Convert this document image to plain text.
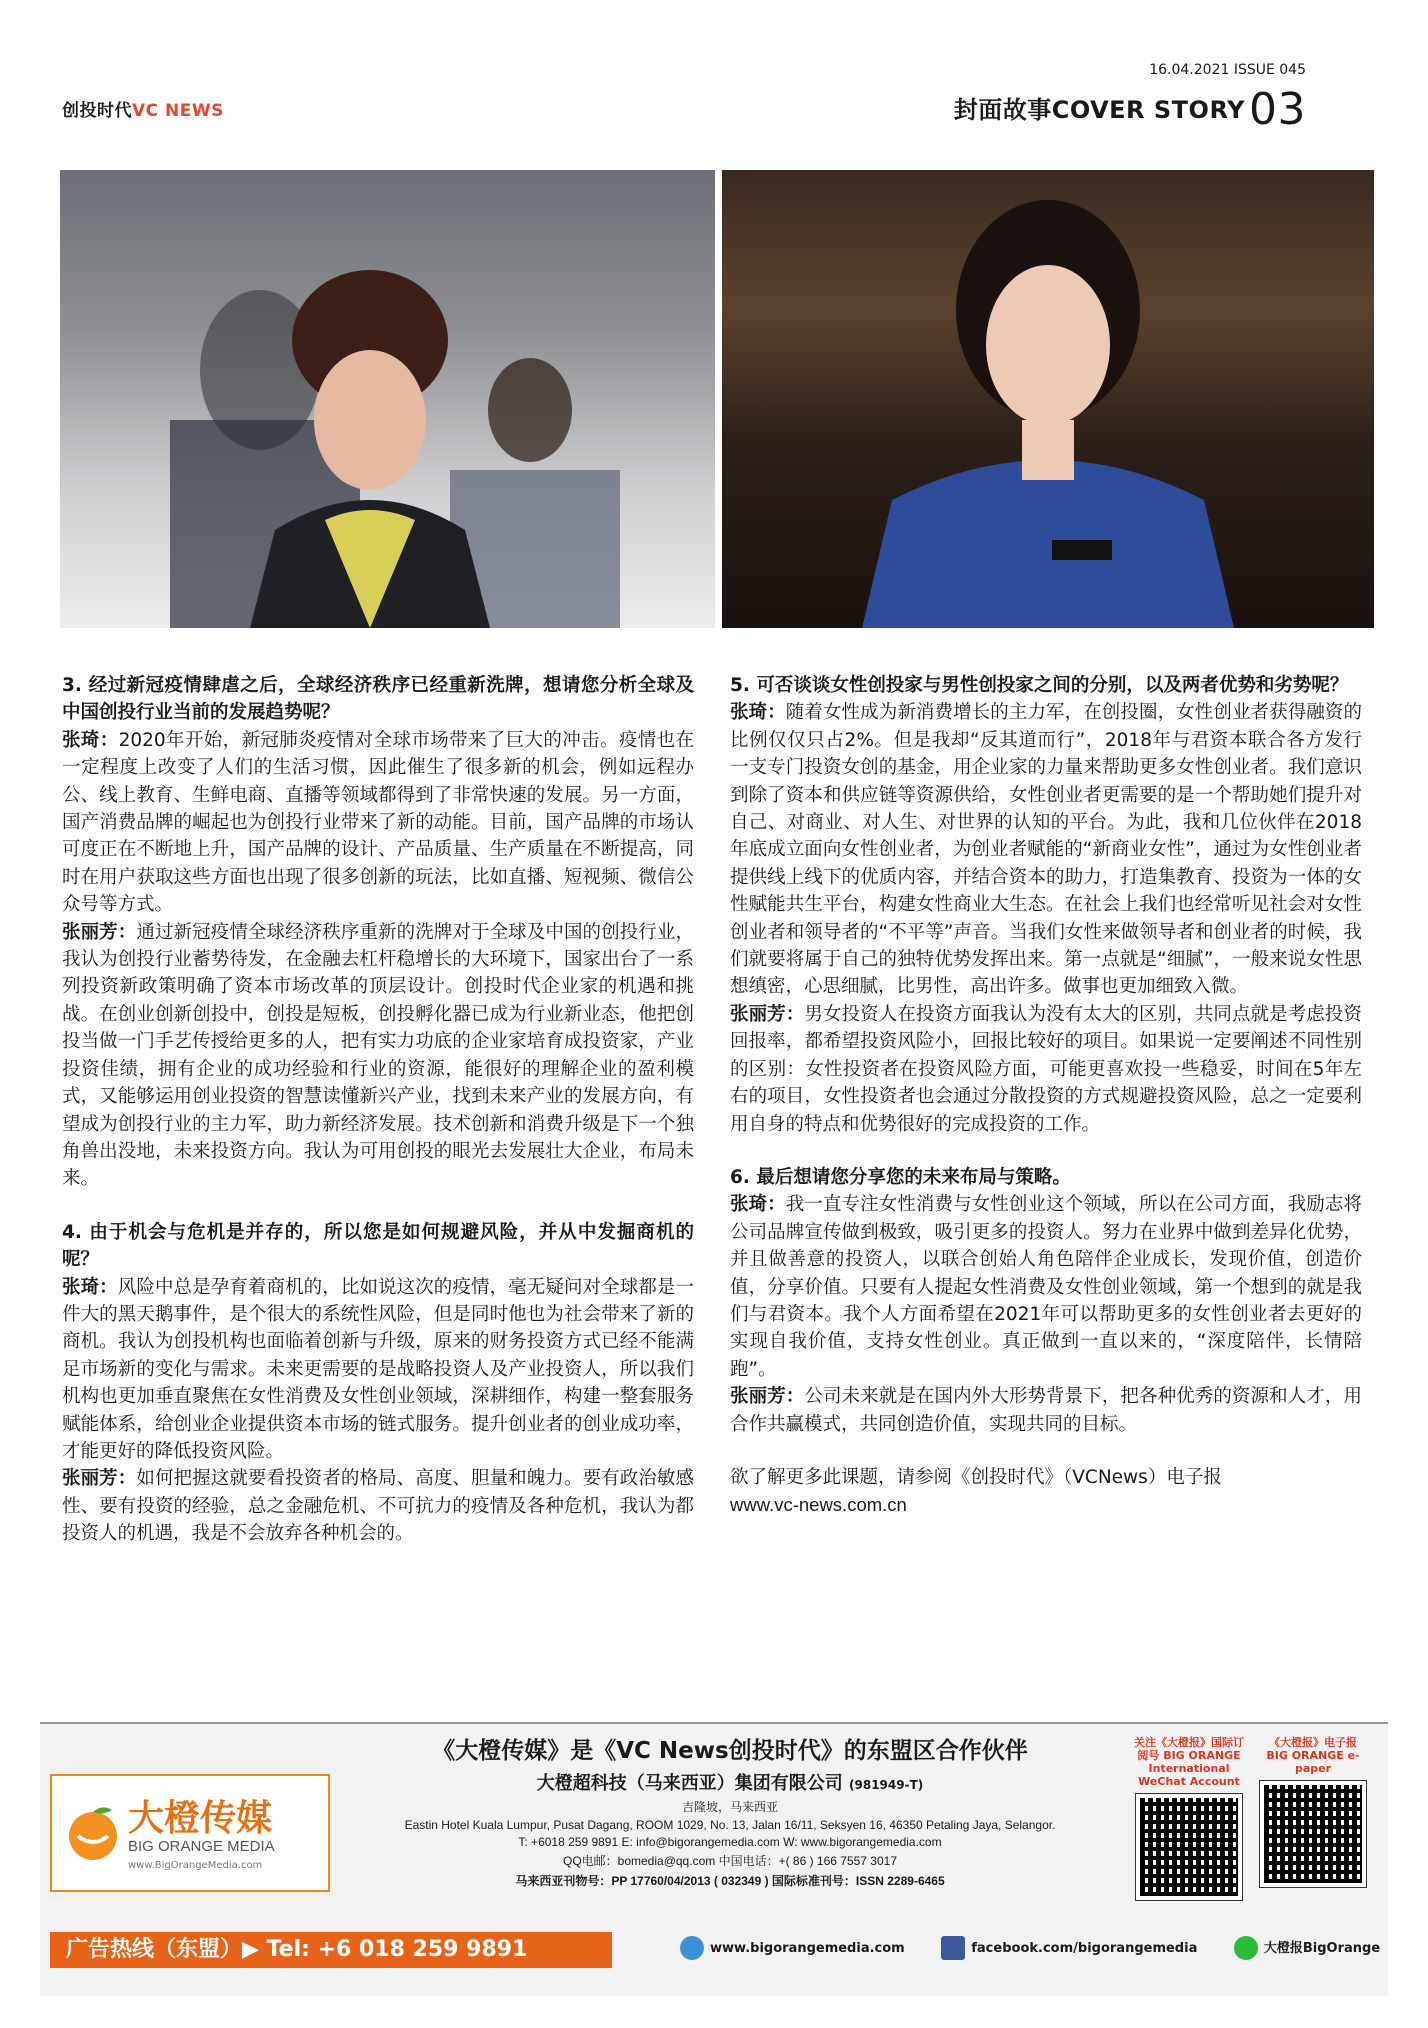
创投时代VC NEWS
16.04.2021 ISSUE 045
封面故事COVER STORY03

3. 经过新冠疫情肆虐之后，全球经济秩序已经重新洗牌，想请您分析全球及中国创投行业当前的发展趋势呢？

张琦：2020年开始，新冠肺炎疫情对全球市场带来了巨大的冲击。疫情也在一定程度上改变了人们的生活习惯，因此催生了很多新的机会，例如远程办公、线上教育、生鲜电商、直播等领域都得到了非常快速的发展。另一方面，国产消费品牌的崛起也为创投行业带来了新的动能。目前，国产品牌的市场认可度正在不断地上升，国产品牌的设计、产品质量、生产质量在不断提高，同时在用户获取这些方面也出现了很多创新的玩法，比如直播、短视频、微信公众号等方式。

张丽芳：通过新冠疫情全球经济秩序重新的洗牌对于全球及中国的创投行业，我认为创投行业蓄势待发，在金融去杠杆稳增长的大环境下，国家出台了一系列投资新政策明确了资本市场改革的顶层设计。创投时代企业家的机遇和挑战。在创业创新创投中，创投是短板，创投孵化器已成为行业新业态，他把创投当做一门手艺传授给更多的人，把有实力功底的企业家培育成投资家，产业投资佳绩，拥有企业的成功经验和行业的资源，能很好的理解企业的盈利模式，又能够运用创业投资的智慧读懂新兴产业，找到未来产业的发展方向，有望成为创投行业的主力军，助力新经济发展。技术创新和消费升级是下一个独角兽出没地，未来投资方向。我认为可用创投的眼光去发展壮大企业，布局未来。

4. 由于机会与危机是并存的，所以您是如何规避风险，并从中发掘商机的呢？

张琦：风险中总是孕育着商机的，比如说这次的疫情，毫无疑问对全球都是一件大的黑天鹅事件，是个很大的系统性风险，但是同时他也为社会带来了新的商机。我认为创投机构也面临着创新与升级，原来的财务投资方式已经不能满足市场新的变化与需求。未来更需要的是战略投资人及产业投资人，所以我们机构也更加垂直聚焦在女性消费及女性创业领域，深耕细作，构建一整套服务赋能体系，给创业企业提供资本市场的链式服务。提升创业者的创业成功率，才能更好的降低投资风险。

张丽芳：如何把握这就要看投资者的格局、高度、胆量和魄力。要有政治敏感性、要有投资的经验，总之金融危机、不可抗力的疫情及各种危机，我认为都投资人的机遇，我是不会放弃各种机会的。

5. 可否谈谈女性创投家与男性创投家之间的分别，以及两者优势和劣势呢？

张琦：随着女性成为新消费增长的主力军，在创投圈，女性创业者获得融资的比例仅仅只占2%。但是我却“反其道而行”，2018年与君资本联合各方发行一支专门投资女创的基金，用企业家的力量来帮助更多女性创业者。我们意识到除了资本和供应链等资源供给，女性创业者更需要的是一个帮助她们提升对自己、对商业、对人生、对世界的认知的平台。为此，我和几位伙伴在2018年底成立面向女性创业者，为创业者赋能的“新商业女性”，通过为女性创业者提供线上线下的优质内容，并结合资本的助力，打造集教育、投资为一体的女性赋能共生平台，构建女性商业大生态。在社会上我们也经常听见社会对女性创业者和领导者的“不平等”声音。当我们女性来做领导者和创业者的时候，我们就要将属于自己的独特优势发挥出来。第一点就是“细腻”，一般来说女性思想缜密，心思细腻，比男性，高出许多。做事也更加细致入微。

张丽芳：男女投资人在投资方面我认为没有太大的区别，共同点就是考虑投资回报率，都希望投资风险小，回报比较好的项目。如果说一定要阐述不同性别的区别：女性投资者在投资风险方面，可能更喜欢投一些稳妥，时间在5年左右的项目，女性投资者也会通过分散投资的方式规避投资风险，总之一定要利用自身的特点和优势很好的完成投资的工作。

6. 最后想请您分享您的未来布局与策略。

张琦：我一直专注女性消费与女性创业这个领域，所以在公司方面，我励志将公司品牌宣传做到极致，吸引更多的投资人。努力在业界中做到差异化优势，并且做善意的投资人，以联合创始人角色陪伴企业成长，发现价值，创造价值，分享价值。只要有人提起女性消费及女性创业领域，第一个想到的就是我们与君资本。我个人方面希望在2021年可以帮助更多的女性创业者去更好的实现自我价值，支持女性创业。真正做到一直以来的，“深度陪伴，长情陪跑”。

张丽芳：公司未来就是在国内外大形势背景下，把各种优秀的资源和人才，用合作共赢模式，共同创造价值，实现共同的目标。

欲了解更多此课题，请参阅《创投时代》（VCNews）电子报

www.vc-news.com.cn

大橙传媒
BIG ORANGE MEDIA
www.BigOrangeMedia.com
《大橙传媒》是《VC News创投时代》的东盟区合作伙伴
大橙超科技（马来西亚）集团有限公司 (981949-T)
吉隆坡，马来西亚
Eastin Hotel Kuala Lumpur, Pusat Dagang, ROOM 1029, No. 13, Jalan 16/11, Seksyen 16, 46350 Petaling Jaya, Selangor.
T: +6018 259 9891 E: info@bigorangemedia.com W: www.bigorangemedia.com
QQ电邮：bomedia@qq.com 中国电话：+( 86 ) 166 7557 3017
马来西亚刊物号：PP 17760/04/2013 ( 032349 ) 国际标准刊号：ISSN 2289-6465
关注《大橙报》国际订阅号 BIG ORANGE International WeChat Account
《大橙报》电子报 BIG ORANGE e-paper
广告热线（东盟）▶ Tel: +6 018 259 9891	www.bigorangemedia.com	facebook.com/bigorangemedia	大橙报BigOrange
